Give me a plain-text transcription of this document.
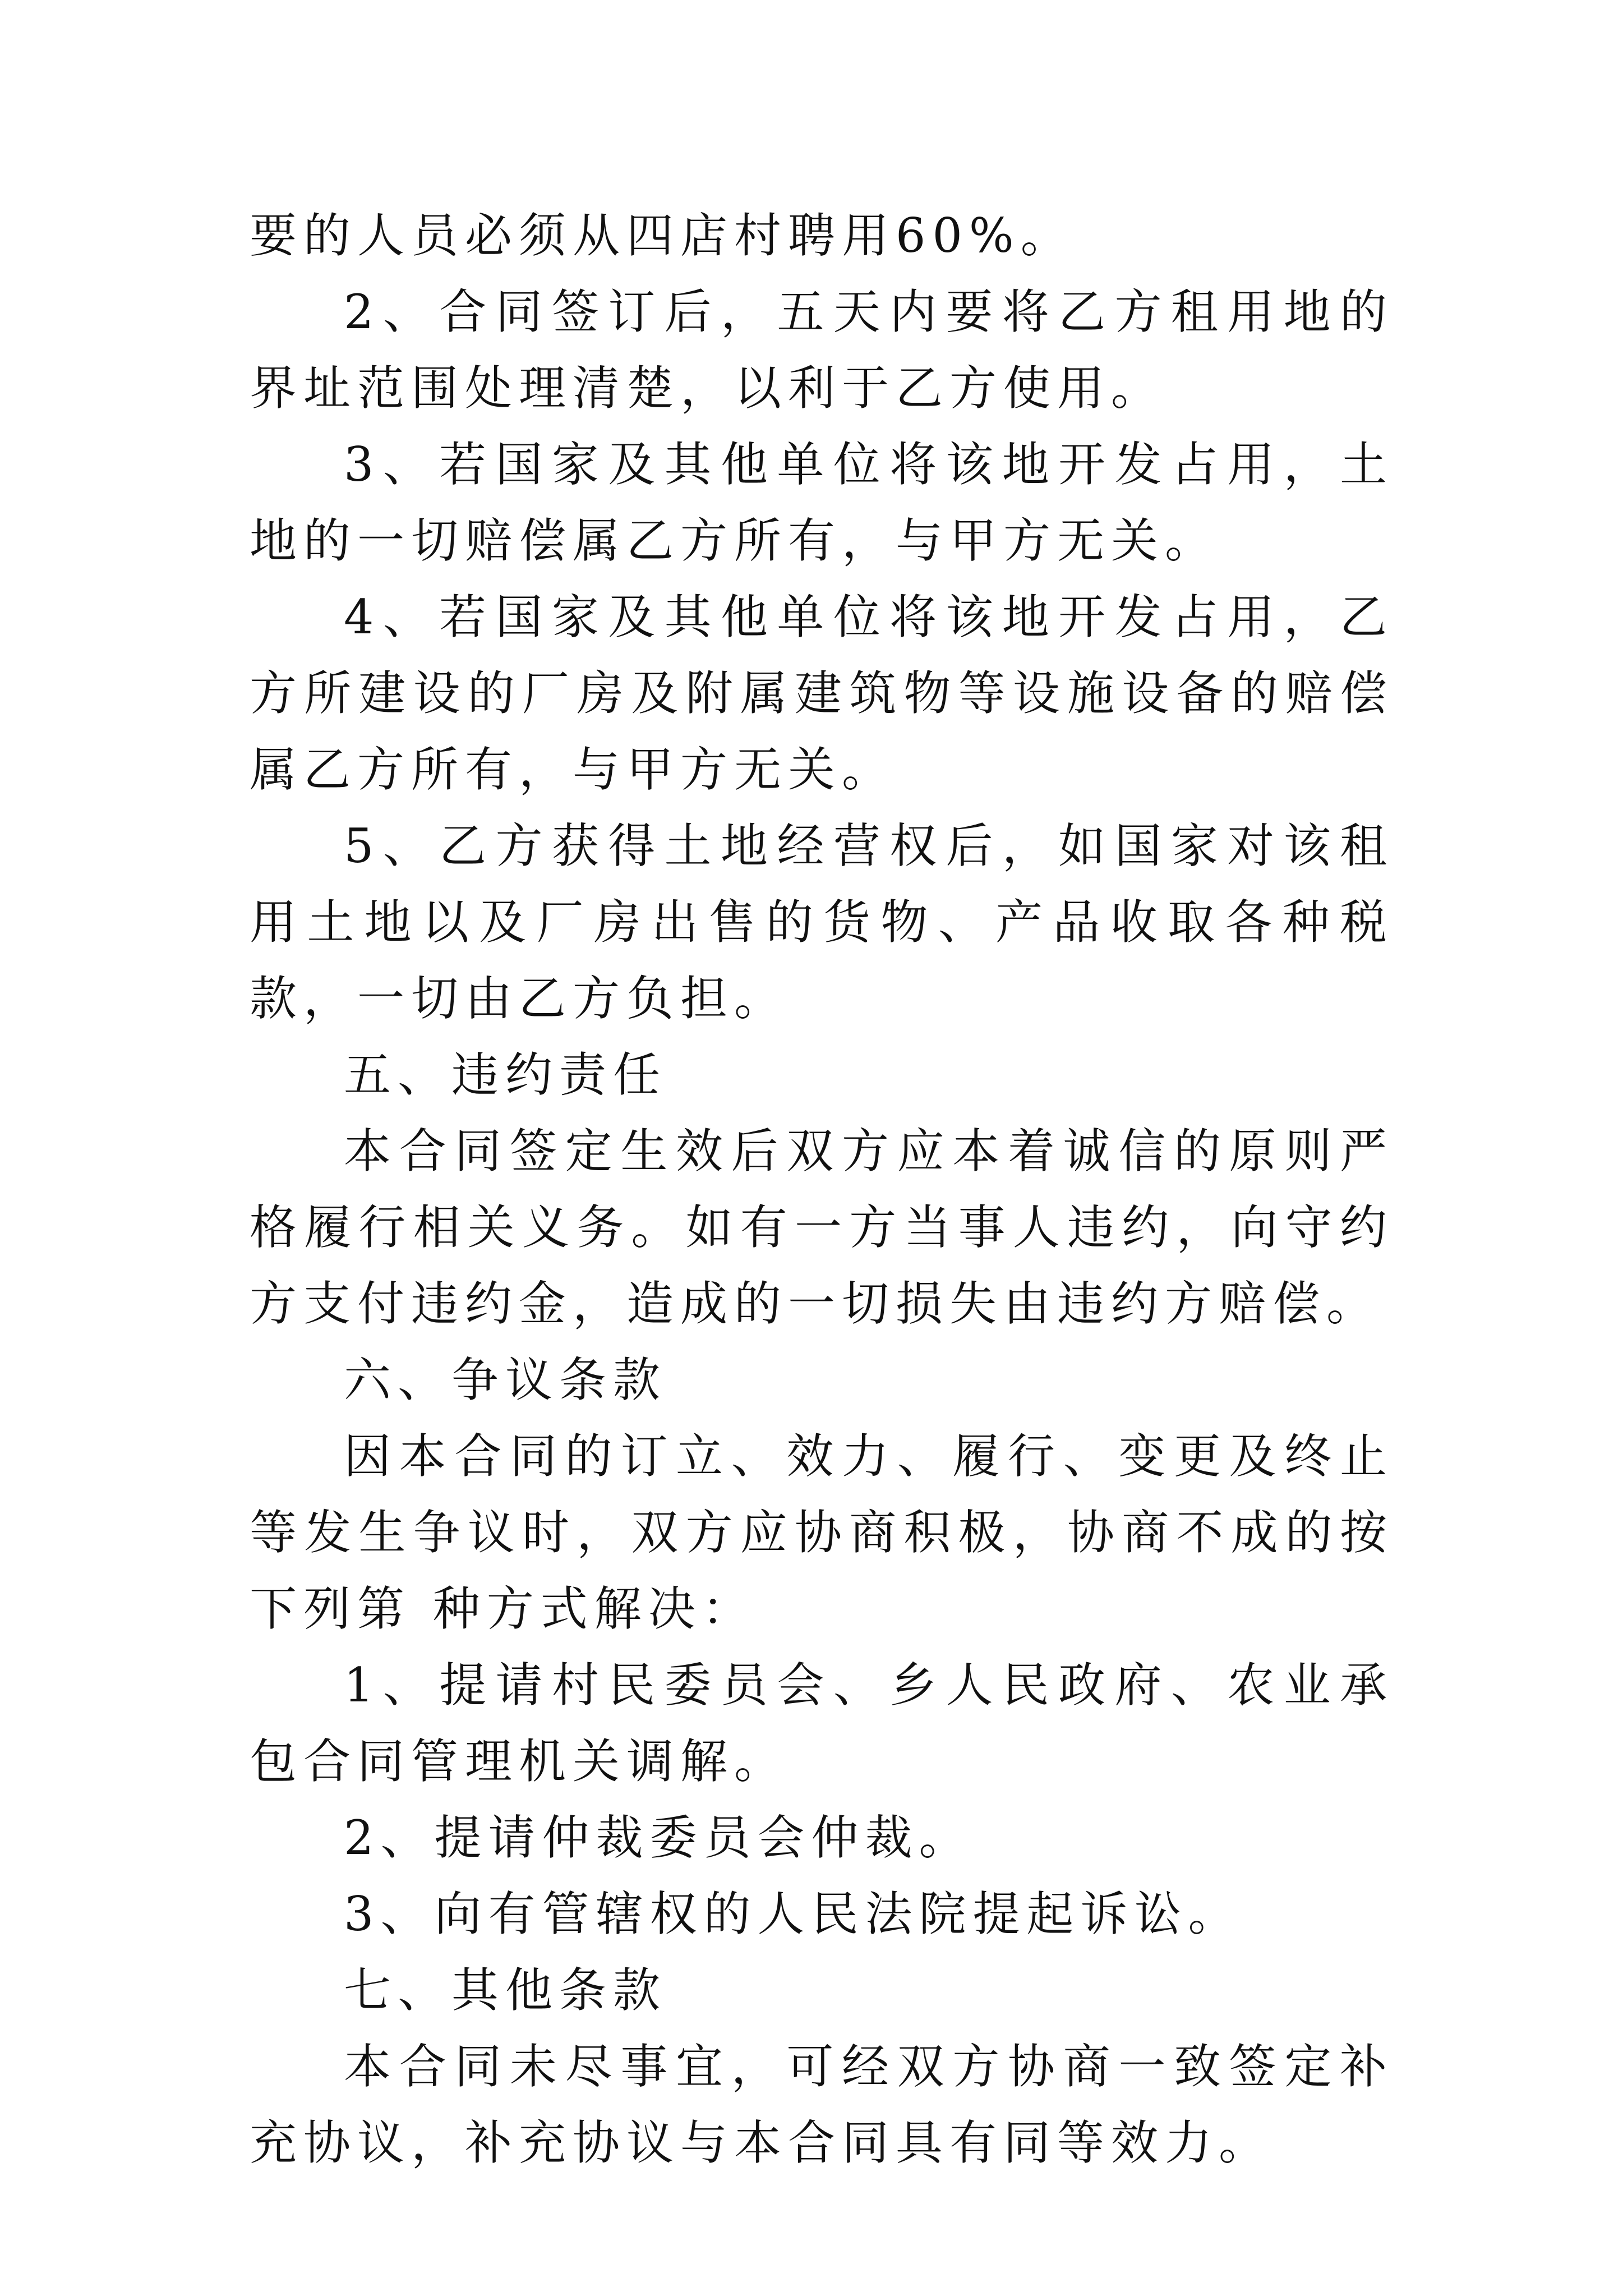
要的人员必须从四店村聘用60%。

2、合同签订后，五天内要将乙方租用地的界址范围处理清楚，以利于乙方使用。

3、若国家及其他单位将该地开发占用，土地的一切赔偿属乙方所有，与甲方无关。

4、若国家及其他单位将该地开发占用，乙方所建设的厂房及附属建筑物等设施设备的赔偿属乙方所有，与甲方无关。

5、乙方获得土地经营权后，如国家对该租用土地以及厂房出售的货物、产品收取各种税款，一切由乙方负担。

五、违约责任

本合同签定生效后双方应本着诚信的原则严格履行相关义务。如有一方当事人违约，向守约方支付违约金，造成的一切损失由违约方赔偿。

六、争议条款

因本合同的订立、效力、履行、变更及终止等发生争议时，双方应协商积极，协商不成的按下列第 种方式解决：

1、提请村民委员会、乡人民政府、农业承包合同管理机关调解。

2、提请仲裁委员会仲裁。

3、向有管辖权的人民法院提起诉讼。

七、其他条款

本合同未尽事宜，可经双方协商一致签定补充协议，补充协议与本合同具有同等效力。
